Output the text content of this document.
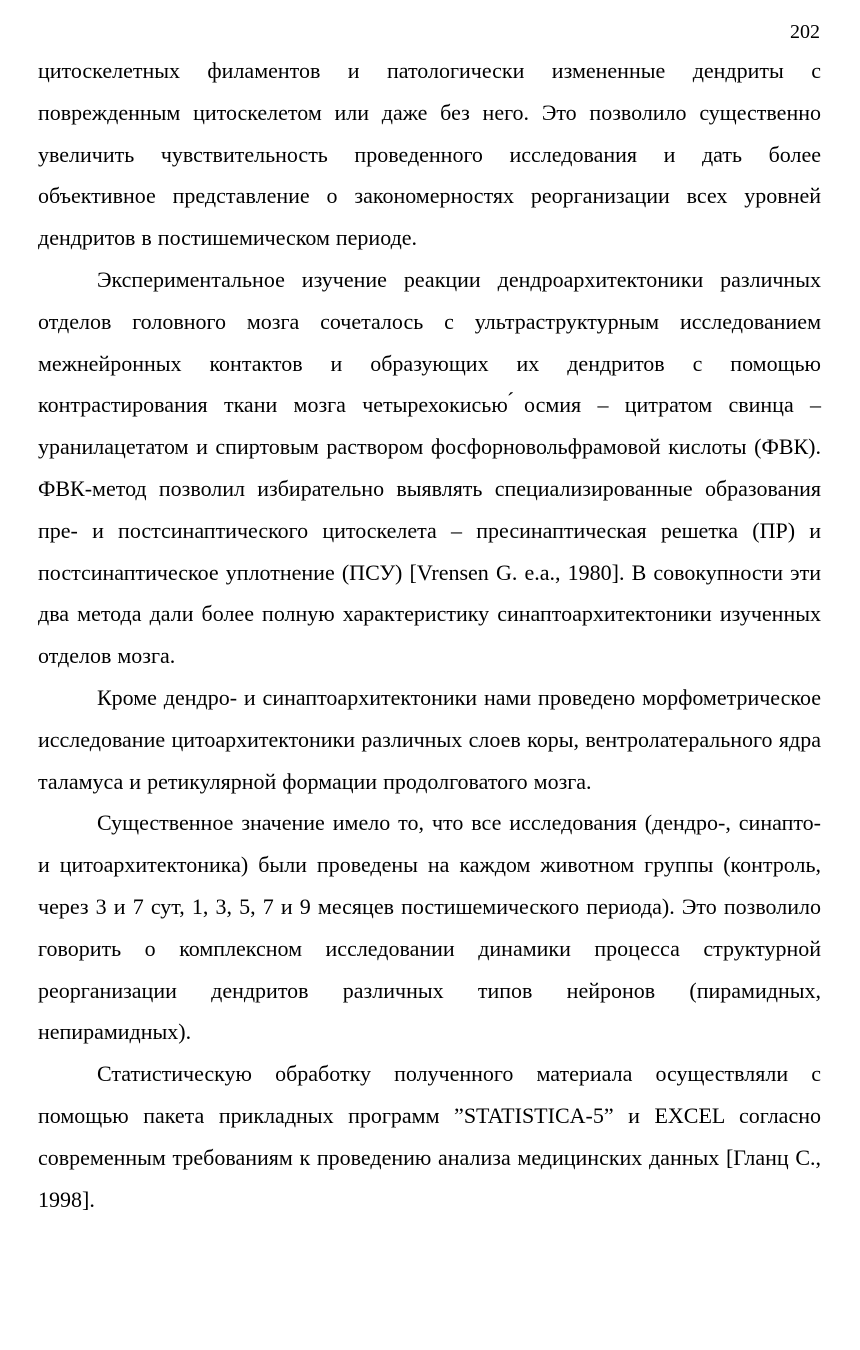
202

цитоскелетных филаментов и патологически измененные дендриты с поврежденным цитоскелетом или даже без него. Это позволило существенно увеличить чувствительность проведенного исследования и дать более объективное представление о закономерностях реорганизации всех уровней дендритов в постишемическом периоде.

Экспериментальное изучение реакции дендроархитектоники различных отделов головного мозга сочеталось с ультраструктурным исследованием межнейронных контактов и образующих их дендритов с помощью контрастирования ткани мозга четырехокисью ́осмия – цитратом свинца – уранилацетатом и спиртовым раствором фосфорновольфрамовой кислоты (ФВК). ФВК-метод позволил избирательно выявлять специализированные образования пре- и постсинаптического цитоскелета – пресинаптическая решетка (ПР) и постсинаптическое уплотнение (ПСУ) [Vrensen G. e.a., 1980]. В совокупности эти два метода дали более полную характеристику синаптоархитектоники изученных отделов мозга.

Кроме дендро- и синаптоархитектоники нами проведено морфометрическое исследование цитоархитектоники различных слоев коры, вентролатерального ядра таламуса и ретикулярной формации продолговатого мозга.

Существенное значение имело то, что все исследования (дендро-, синапто- и цитоархитектоника) были проведены на каждом животном группы (контроль, через 3 и 7 сут, 1, 3, 5, 7 и 9 месяцев постишемического периода). Это позволило говорить о комплексном исследовании динамики процесса структурной реорганизации дендритов различных типов нейронов (пирамидных, непирамидных).

Статистическую обработку полученного материала осуществляли с помощью пакета прикладных программ ”STATISTICA-5” и EXCEL согласно современным требованиям к проведению анализа медицинских данных [Гланц С., 1998].
